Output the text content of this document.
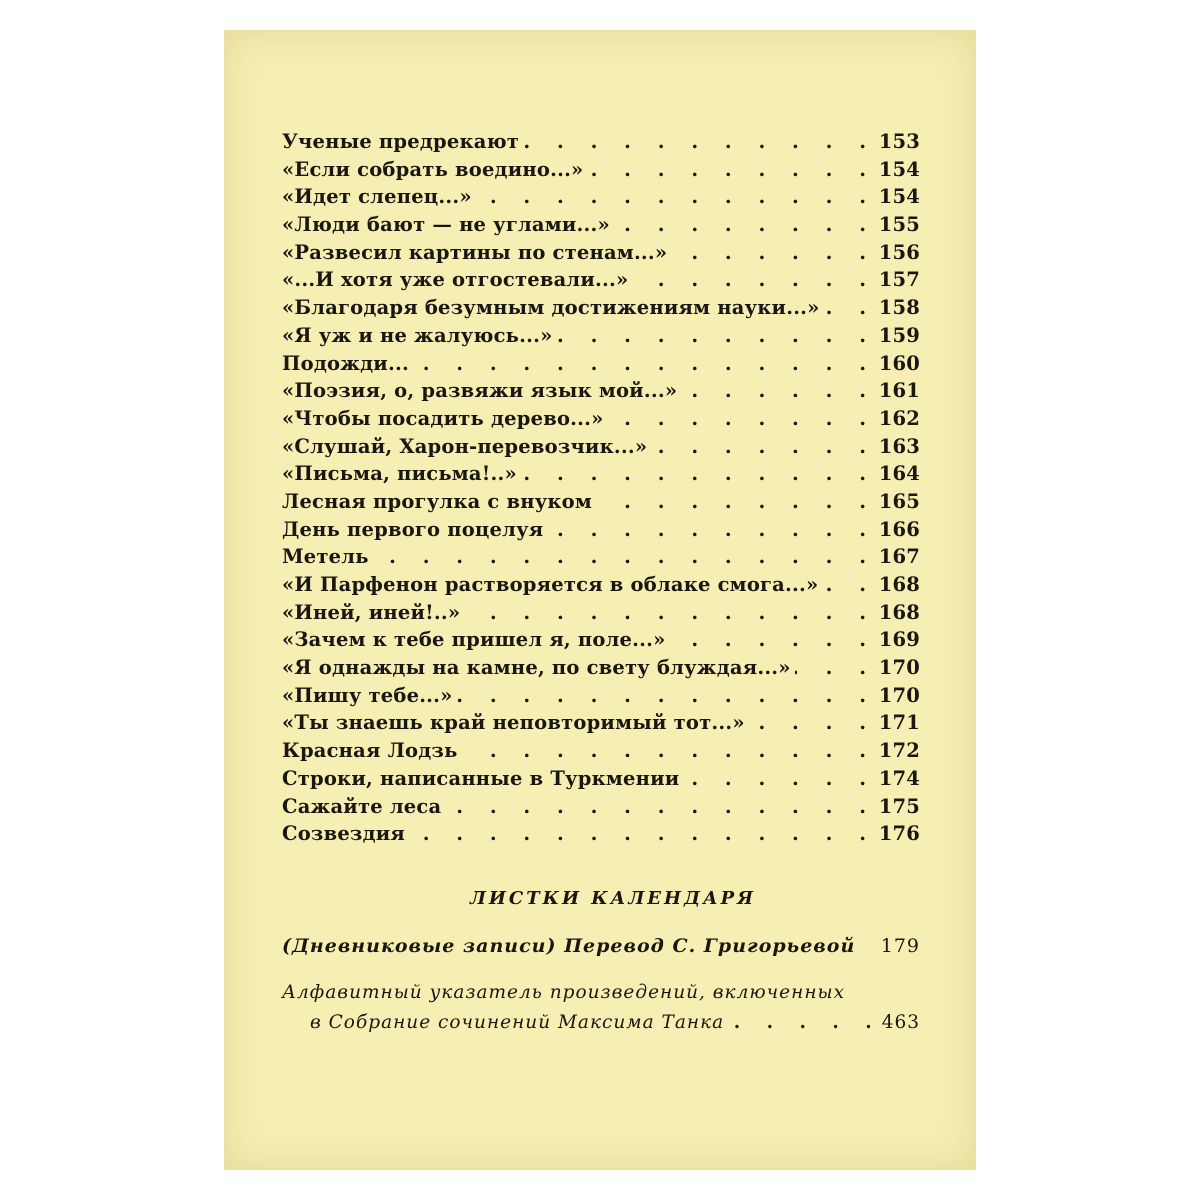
Ученые предрекают . . .	153
«Если собрать воедино...» . . .	154
«Идет слепец...» . . .	154
«Люди бают — не углами...» . . .	155
«Развесил картины по стенам...» . . .	156
«...И хотя уже отгостевали...» . . .	157
«Благодаря безумным достижениям науки...» . . .	158
«Я уж и не жалуюсь...» . . .	159
Подожди... . . .	160
«Поэзия, о, развяжи язык мой...» . . .	161
«Чтобы посадить дерево...» . . .	162
«Слушай, Харон-перевозчик...» . . .	163
«Письма, письма!..» . . .	164
Лесная прогулка с внуком . . .	165
День первого поцелуя . . .	166
Метель . . .	167
«И Парфенон растворяется в облаке смога...» . . .	168
«Иней, иней!..» . . .	168
«Зачем к тебе пришел я, поле...» . . .	169
«Я однажды на камне, по свету блуждая...» . . .	170
«Пишу тебе...» . . .	170
«Ты знаешь край неповторимый тот...» . . .	171
Красная Лодзь . . .	172
Строки, написанные в Туркмении . . .	174
Сажайте леса . . .	175
Созвездия . . .	176
ЛИСТКИ КАЛЕНДАРЯ
(Дневниковые записи) Перевод С. Григорьевой 179
Алфавитный указатель произведений, включенных
в Собрание сочинений Максима Танка . . .	463
